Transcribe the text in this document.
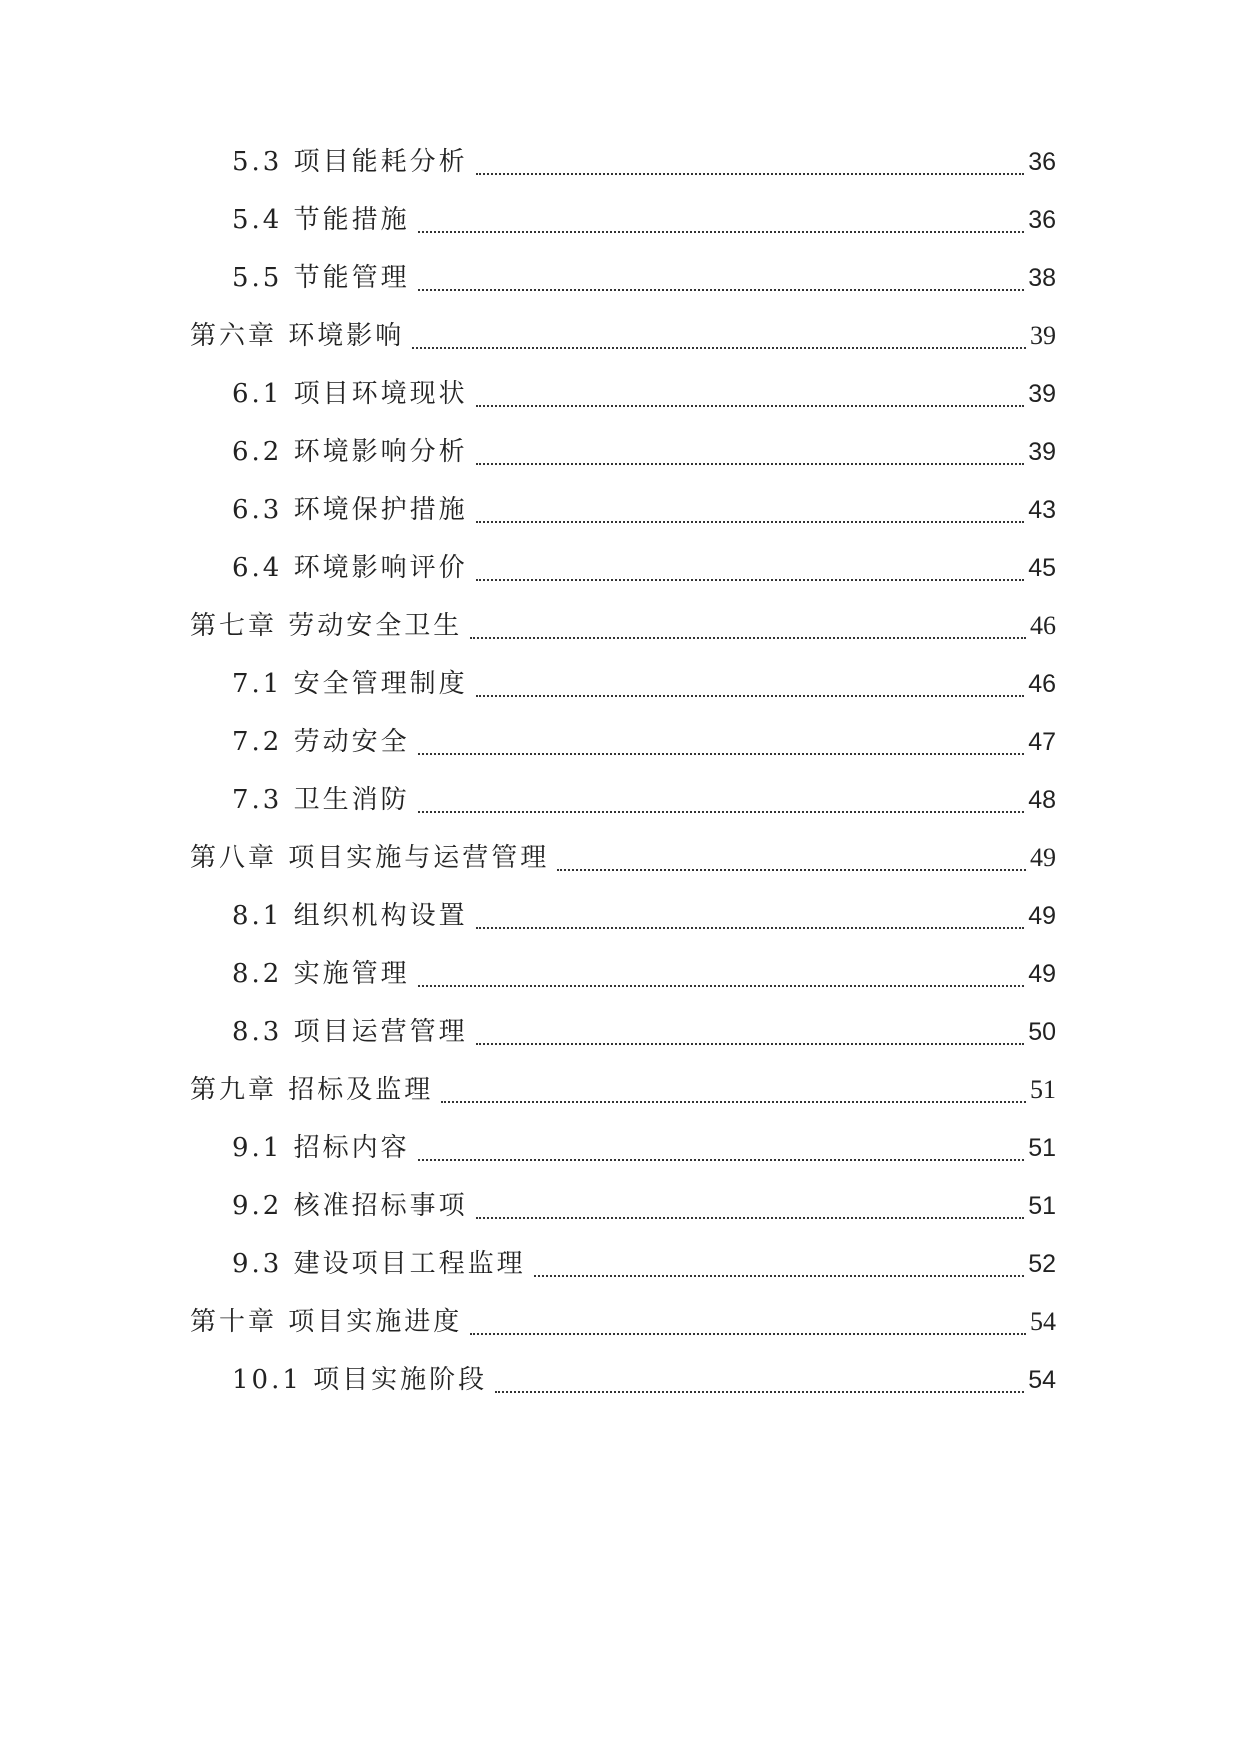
5.3 项目能耗分析	36
5.4 节能措施	36
5.5 节能管理	38
第六章 环境影响	39
6.1 项目环境现状	39
6.2 环境影响分析	39
6.3 环境保护措施	43
6.4 环境影响评价	45
第七章 劳动安全卫生	46
7.1 安全管理制度	46
7.2 劳动安全	47
7.3 卫生消防	48
第八章 项目实施与运营管理	49
8.1 组织机构设置	49
8.2 实施管理	49
8.3 项目运营管理	50
第九章 招标及监理	51
9.1 招标内容	51
9.2 核准招标事项	51
9.3 建设项目工程监理	52
第十章 项目实施进度	54
10.1 项目实施阶段	54
